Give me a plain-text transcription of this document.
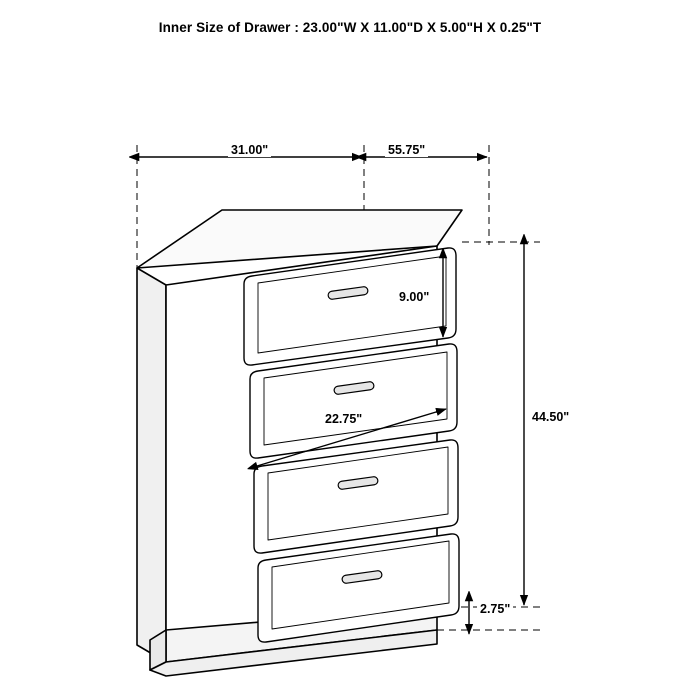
Inner Size of Drawer : 23.00"W X 11.00"D X 5.00"H X 0.25"T
31.00"	55.75"
9.00"
22.75"	44.50"
2.75"
